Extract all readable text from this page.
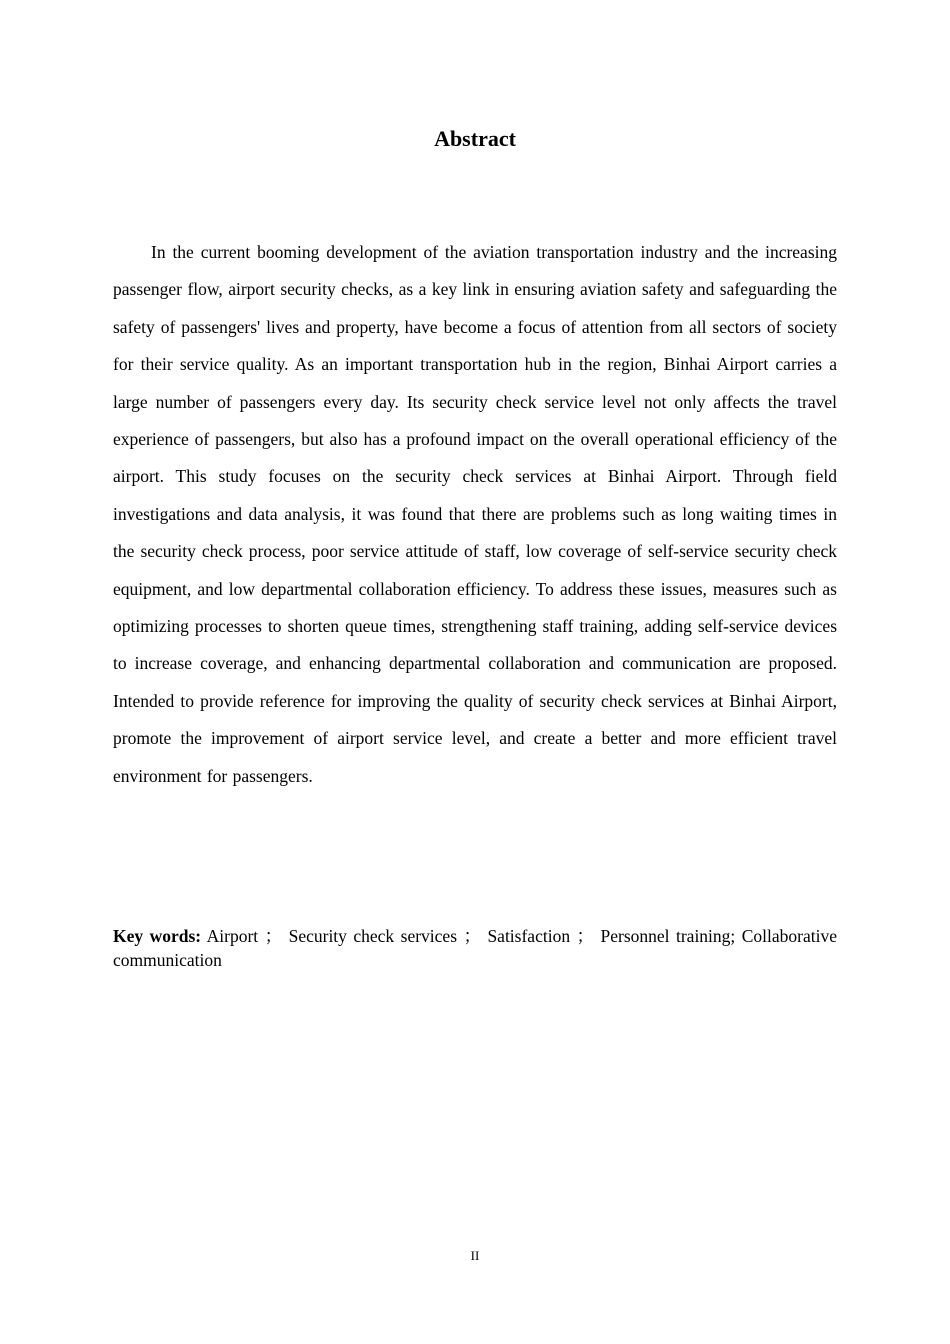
Abstract

In the current booming development of the aviation transportation industry and the increasing passenger flow, airport security checks, as a key link in ensuring aviation safety and safeguarding the safety of passengers' lives and property, have become a focus of attention from all sectors of society for their service quality. As an important transportation hub in the region, Binhai Airport carries a large number of passengers every day. Its security check service level not only affects the travel experience of passengers, but also has a profound impact on the overall operational efficiency of the airport. This study focuses on the security check services at Binhai Airport. Through field investigations and data analysis, it was found that there are problems such as long waiting times in the security check process, poor service attitude of staff, low coverage of self-service security check equipment, and low departmental collaboration efficiency. To address these issues, measures such as optimizing processes to shorten queue times, strengthening staff training, adding self-service devices to increase coverage, and enhancing departmental collaboration and communication are proposed. Intended to provide reference for improving the quality of security check services at Binhai Airport, promote the improvement of airport service level, and create a better and more efficient travel environment for passengers.

Key words: Airport ； Security check services ； Satisfaction ； Personnel training; Collaborative communication

II
